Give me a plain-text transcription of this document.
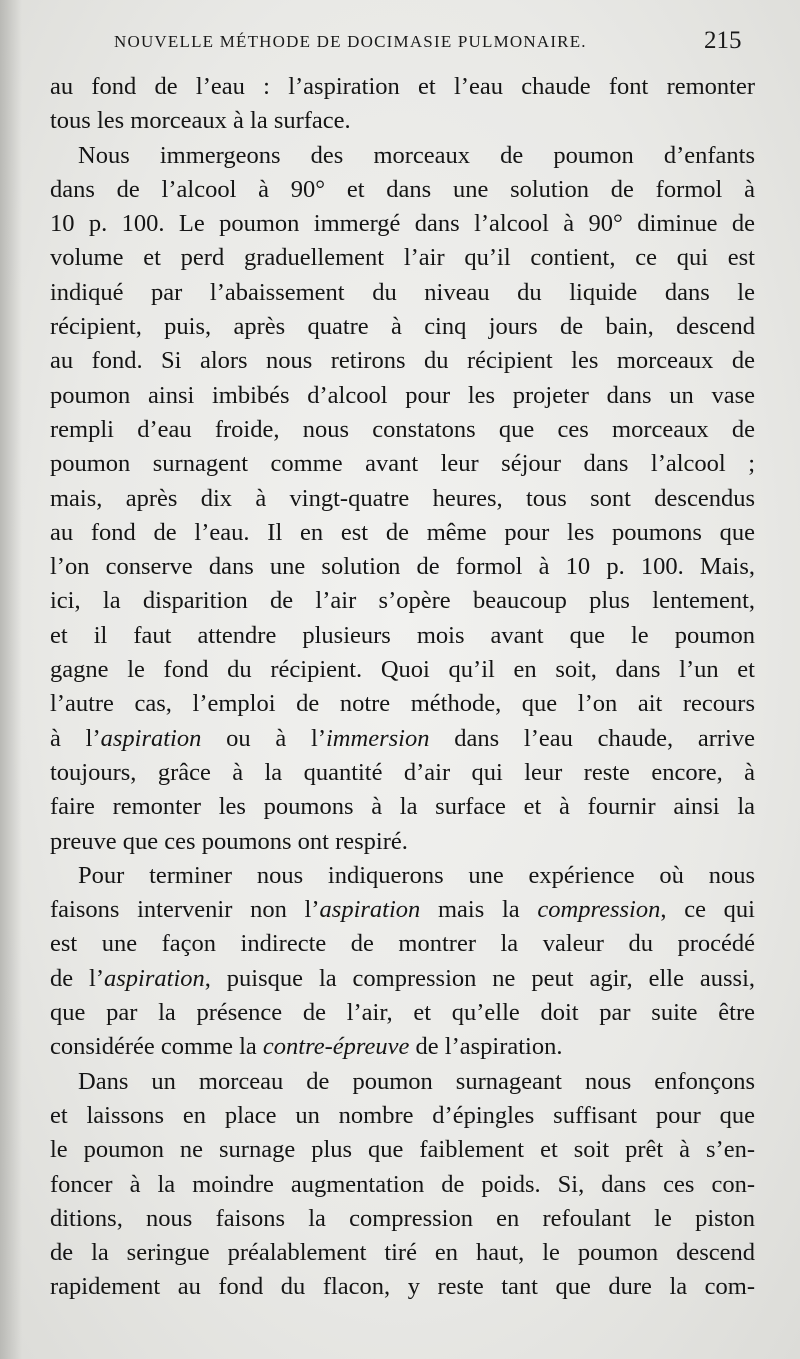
NOUVELLE MÉTHODE DE DOCIMASIE PULMONAIRE.	215
au fond de l’eau : l’aspiration et l’eau chaude font remonter
tous les morceaux à la surface.
Nous immergeons des morceaux de poumon d’enfants
dans de l’alcool à 90° et dans une solution de formol à
10 p. 100. Le poumon immergé dans l’alcool à 90° diminue de
volume et perd graduellement l’air qu’il contient, ce qui est
indiqué par l’abaissement du niveau du liquide dans le
récipient, puis, après quatre à cinq jours de bain, descend
au fond. Si alors nous retirons du récipient les morceaux de
poumon ainsi imbibés d’alcool pour les projeter dans un vase
rempli d’eau froide, nous constatons que ces morceaux de
poumon surnagent comme avant leur séjour dans l’alcool ;
mais, après dix à vingt-quatre heures, tous sont descendus
au fond de l’eau. Il en est de même pour les poumons que
l’on conserve dans une solution de formol à 10 p. 100. Mais,
ici, la disparition de l’air s’opère beaucoup plus lentement,
et il faut attendre plusieurs mois avant que le poumon
gagne le fond du récipient. Quoi qu’il en soit, dans l’un et
l’autre cas, l’emploi de notre méthode, que l’on ait recours
à l’aspiration ou à l’immersion dans l’eau chaude, arrive
toujours, grâce à la quantité d’air qui leur reste encore, à
faire remonter les poumons à la surface et à fournir ainsi la
preuve que ces poumons ont respiré.
Pour terminer nous indiquerons une expérience où nous
faisons intervenir non l’aspiration mais la compression, ce qui
est une façon indirecte de montrer la valeur du procédé
de l’aspiration, puisque la compression ne peut agir, elle aussi,
que par la présence de l’air, et qu’elle doit par suite être
considérée comme la contre-épreuve de l’aspiration.
Dans un morceau de poumon surnageant nous enfonçons
et laissons en place un nombre d’épingles suffisant pour que
le poumon ne surnage plus que faiblement et soit prêt à s’en-
foncer à la moindre augmentation de poids. Si, dans ces con-
ditions, nous faisons la compression en refoulant le piston
de la seringue préalablement tiré en haut, le poumon descend
rapidement au fond du flacon, y reste tant que dure la com-
